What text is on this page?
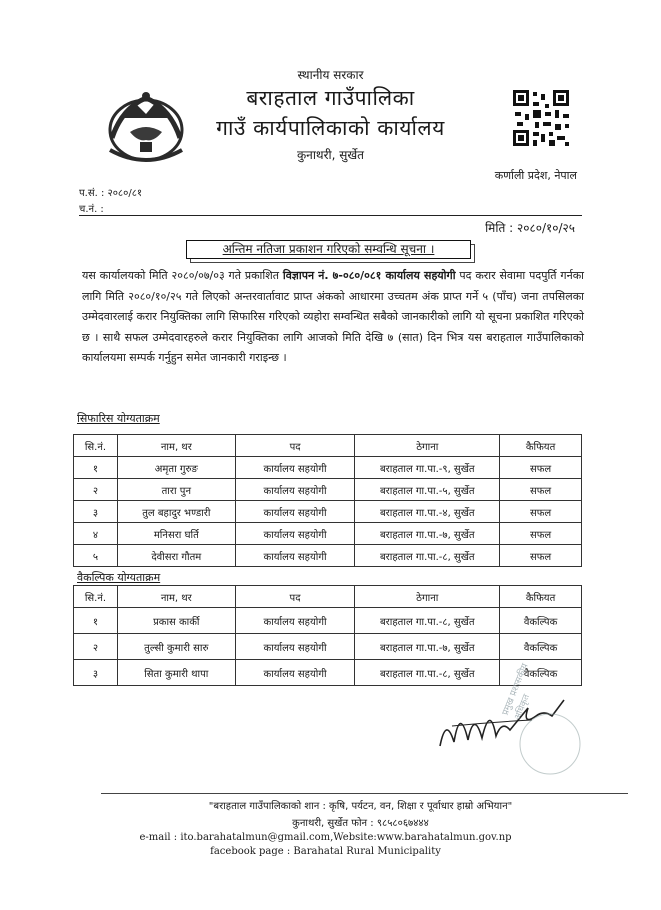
स्थानीय सरकार
बराहताल गाउँपालिका
गाउँ कार्यपालिकाको कार्यालय
कुनाथरी, सुर्खेत
कर्णाली प्रदेश, नेपाल
प.सं. : २०८०/८१
च.नं. :
मिति : २०८०/१०/२५
अन्तिम नतिजा प्रकाशन गरिएको सम्वन्धि सूचना ।
यस कार्यालयको मिति २०८०/०७/०३ गते प्रकाशित विज्ञापन नं. ७-०८०/०८१ कार्यालय सहयोगी पद करार सेवामा पदपुर्ति गर्नका लागि मिति २०८०/१०/२५ गते लिएको अन्तरवार्तावाट प्राप्त अंकको आधारमा उच्चतम अंक प्राप्त गर्ने ५ (पाँच) जना तपसिलका उम्मेदवारलाई करार नियुक्तिका लागि सिफारिस गरिएको व्यहोरा सम्वन्धित सबैको जानकारीको लागि यो सूचना प्रकाशित गरिएको छ । साथै सफल उम्मेदवारहरुले करार नियुक्तिका लागि आजको मिति देखि ७ (सात) दिन भित्र यस बराहताल गाउँपालिकाको कार्यालयमा सम्पर्क गर्नुहुन समेत जानकारी गराइन्छ ।
सिफारिस योग्यताक्रम
सि.नं.	नाम, थर	पद	ठेगाना	कैफियत
१	अमृता गुरुङ	कार्यालय सहयोगी	बराहताल गा.पा.-९, सुर्खेत	सफल
२	तारा पुन	कार्यालय सहयोगी	बराहताल गा.पा.-५, सुर्खेत	सफल
३	तुल बहादुर भण्डारी	कार्यालय सहयोगी	बराहताल गा.पा.-४, सुर्खेत	सफल
४	मनिसरा घर्ति	कार्यालय सहयोगी	बराहताल गा.पा.-७, सुर्खेत	सफल
५	देवीसरा गौतम	कार्यालय सहयोगी	बराहताल गा.पा.-८, सुर्खेत	सफल
वैकल्पिक योग्यताक्रम
सि.नं.	नाम, थर	पद	ठेगाना	कैफियत
१	प्रकास कार्की	कार्यालय सहयोगी	बराहताल गा.पा.-८, सुर्खेत	वैकल्पिक
२	तुल्सी कुमारी सारु	कार्यालय सहयोगी	बराहताल गा.पा.-७, सुर्खेत	वैकल्पिक
३	सिता कुमारी थापा	कार्यालय सहयोगी	बराहताल गा.पा.-८, सुर्खेत	वैकल्पिक
प्रमुख प्रशासकीय अधिकृत
"बराहताल गाउँपालिकाको शान : कृषि, पर्यटन, वन, शिक्षा र पूर्वाधार हाम्रो अभियान"
कुनाथरी, सुर्खेत फोन : ९८५८०६७४४४
e-mail : ito.barahatalmun@gmail.com,Website:www.barahatalmun.gov.np
facebook page : Barahatal Rural Municipality
